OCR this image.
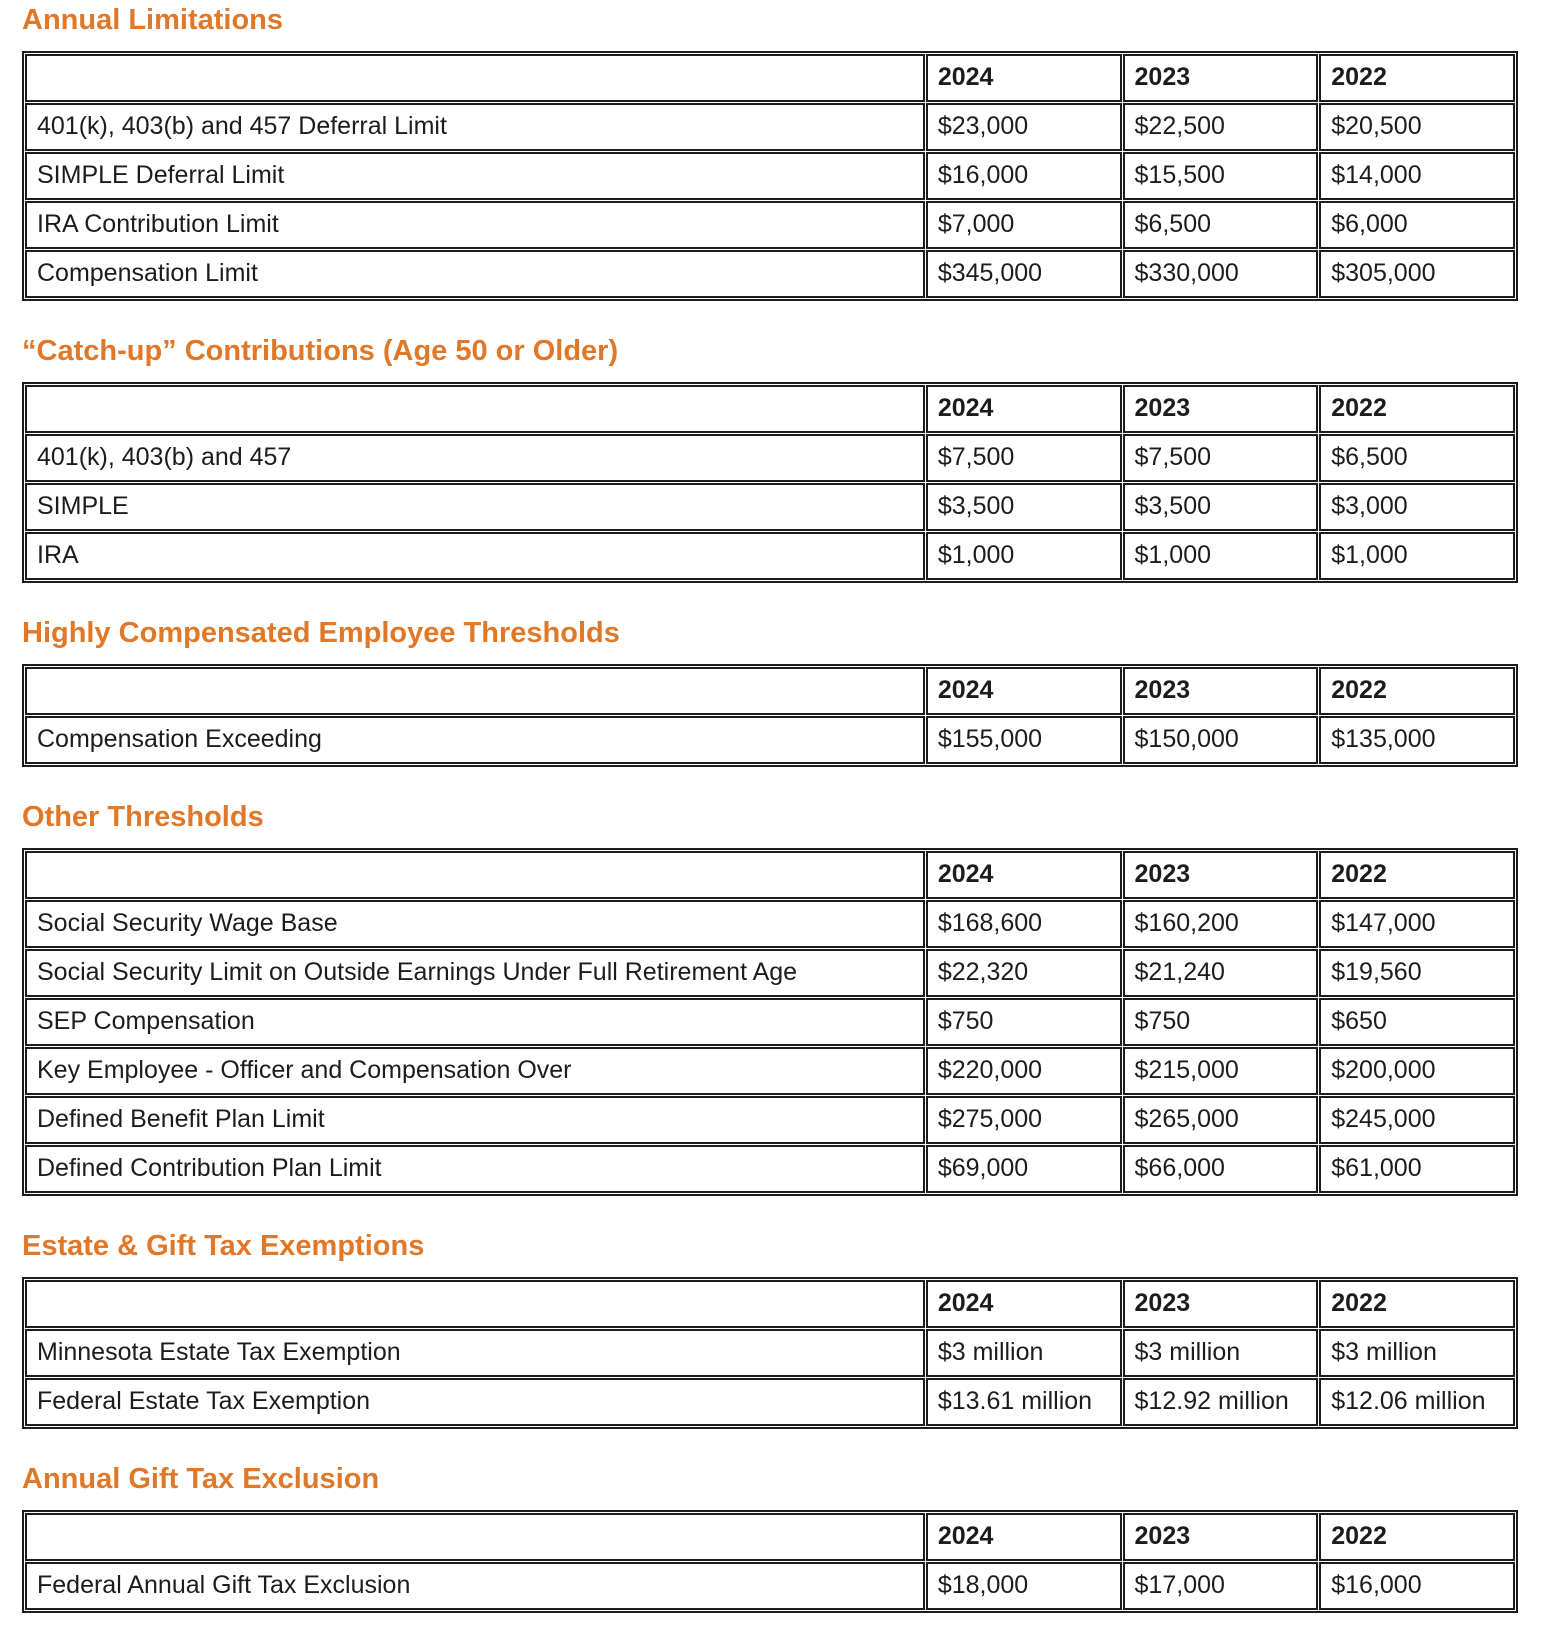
Annual Limitations
	2024	2023	2022
401(k), 403(b) and 457 Deferral Limit	$23,000	$22,500	$20,500
SIMPLE Deferral Limit	$16,000	$15,500	$14,000
IRA Contribution Limit	$7,000	$6,500	$6,000
Compensation Limit	$345,000	$330,000	$305,000
“Catch-up” Contributions (Age 50 or Older)
	2024	2023	2022
401(k), 403(b) and 457	$7,500	$7,500	$6,500
SIMPLE	$3,500	$3,500	$3,000
IRA	$1,000	$1,000	$1,000
Highly Compensated Employee Thresholds
	2024	2023	2022
Compensation Exceeding	$155,000	$150,000	$135,000
Other Thresholds
	2024	2023	2022
Social Security Wage Base	$168,600	$160,200	$147,000
Social Security Limit on Outside Earnings Under Full Retirement Age	$22,320	$21,240	$19,560
SEP Compensation	$750	$750	$650
Key Employee - Officer and Compensation Over	$220,000	$215,000	$200,000
Defined Benefit Plan Limit	$275,000	$265,000	$245,000
Defined Contribution Plan Limit	$69,000	$66,000	$61,000
Estate & Gift Tax Exemptions
	2024	2023	2022
Minnesota Estate Tax Exemption	$3 million	$3 million	$3 million
Federal Estate Tax Exemption	$13.61 million	$12.92 million	$12.06 million
Annual Gift Tax Exclusion
	2024	2023	2022
Federal Annual Gift Tax Exclusion	$18,000	$17,000	$16,000
